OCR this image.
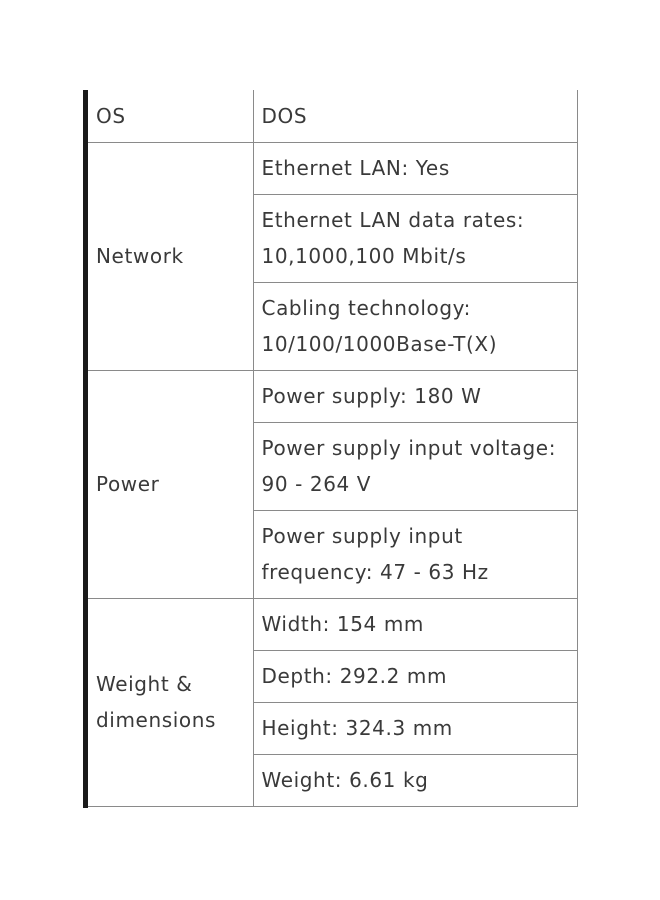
OS	DOS
Network	Ethernet LAN: Yes
	Ethernet LAN data rates: 10,1000,100 Mbit/s
	Cabling technology: 10/100/1000Base-T(X)
Power	Power supply: 180 W
	Power supply input voltage: 90 - 264 V
	Power supply input frequency: 47 - 63 Hz
Weight & dimensions	Width: 154 mm
	Depth: 292.2 mm
	Height: 324.3 mm
	Weight: 6.61 kg
